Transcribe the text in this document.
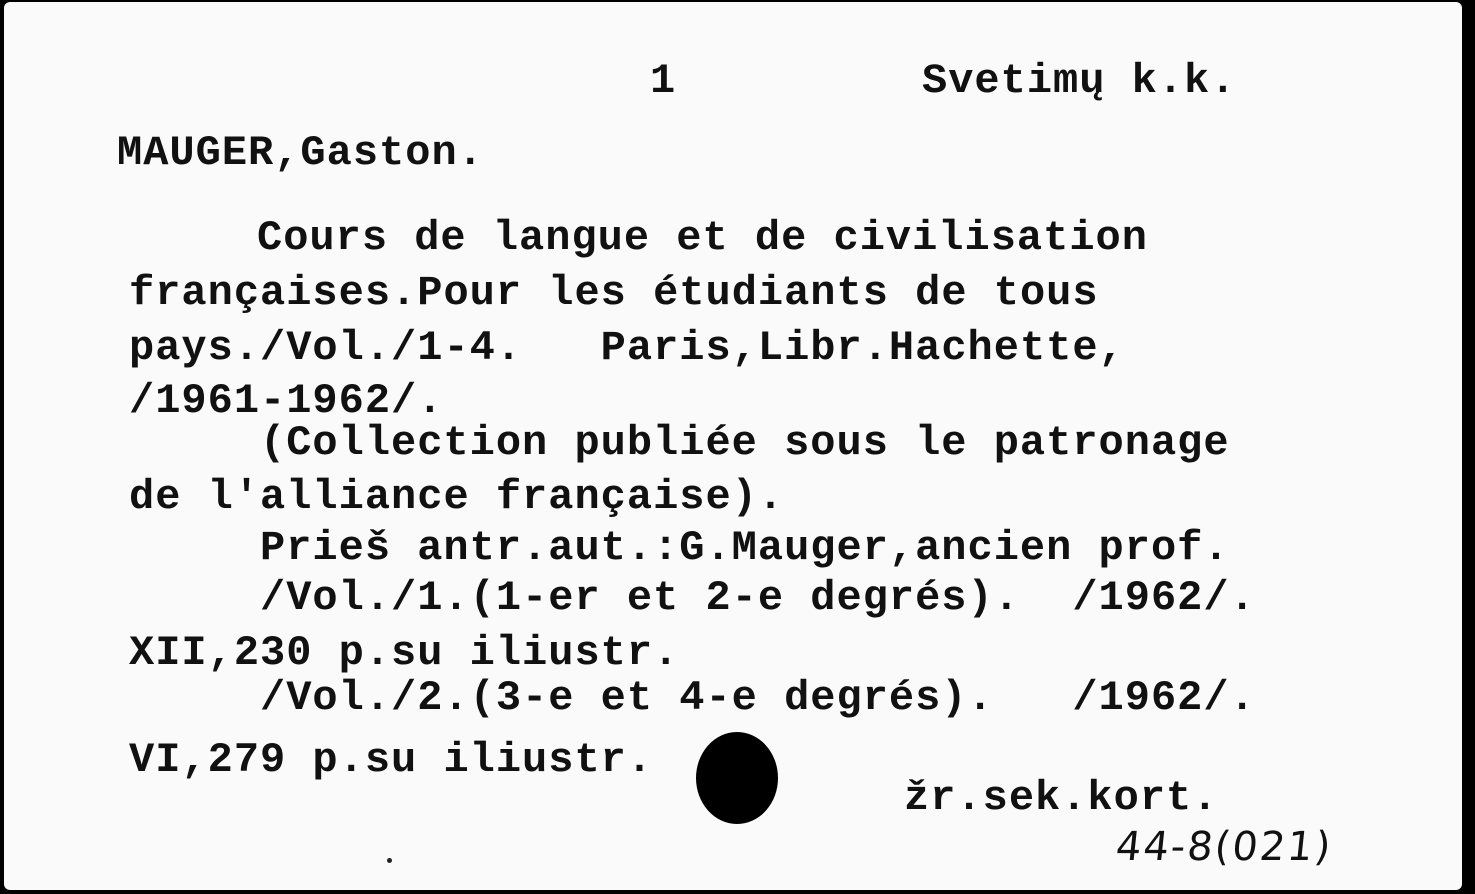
1	Svetimų k.k.
MAUGER,Gaston.
Cours de langue et de civilisation
françaises.Pour les étudiants de tous
pays./Vol./1-4.   Paris,Libr.Hachette,
/1961-1962/.
(Collection publiée sous le patronage
de l'alliance française).
Prieš antr.aut.:G.Mauger,ancien prof.
/Vol./1.(1-er et 2-e degrés).  /1962/.
XII,230 p.su iliustr.
/Vol./2.(3-e et 4-e degrés).   /1962/.
VI,279 p.su iliustr.
žr.sek.kort.
44-8(021)
